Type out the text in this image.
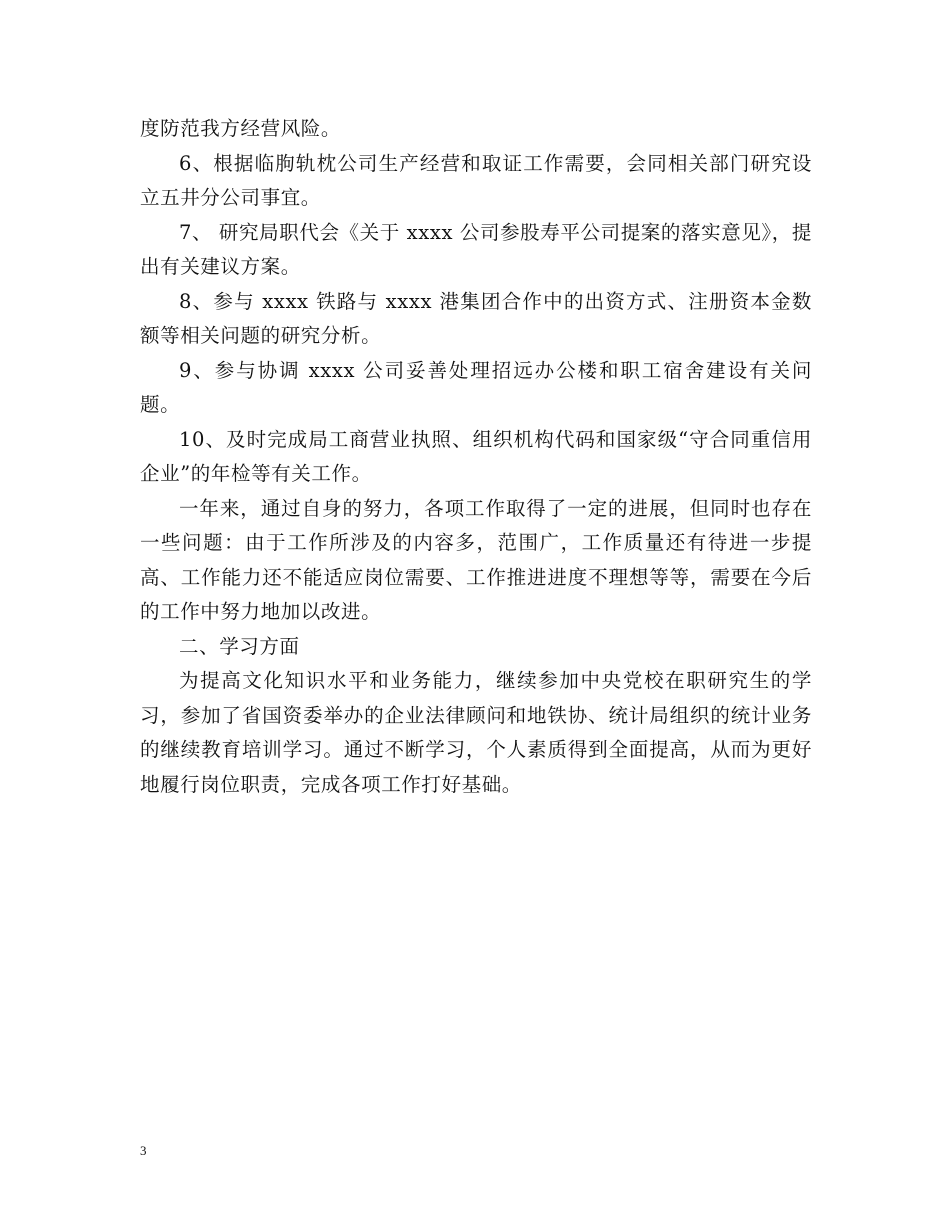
度防范我方经营风险。

6、根据临朐轨枕公司生产经营和取证工作需要，会同相关部门研究设立五井分公司事宜。

7、 研究局职代会《关于 xxxx 公司参股寿平公司提案的落实意见》，提出有关建议方案。

8、参与 xxxx 铁路与 xxxx 港集团合作中的出资方式、注册资本金数额等相关问题的研究分析。

9、参与协调 xxxx 公司妥善处理招远办公楼和职工宿舍建设有关问题。

10、及时完成局工商营业执照、组织机构代码和国家级“守合同重信用企业”的年检等有关工作。

一年来，通过自身的努力，各项工作取得了一定的进展，但同时也存在一些问题：由于工作所涉及的内容多，范围广，工作质量还有待进一步提高、工作能力还不能适应岗位需要、工作推进进度不理想等等，需要在今后的工作中努力地加以改进。

二、学习方面

为提高文化知识水平和业务能力，继续参加中央党校在职研究生的学习，参加了省国资委举办的企业法律顾问和地铁协、统计局组织的统计业务的继续教育培训学习。通过不断学习，个人素质得到全面提高，从而为更好地履行岗位职责，完成各项工作打好基础。

3
